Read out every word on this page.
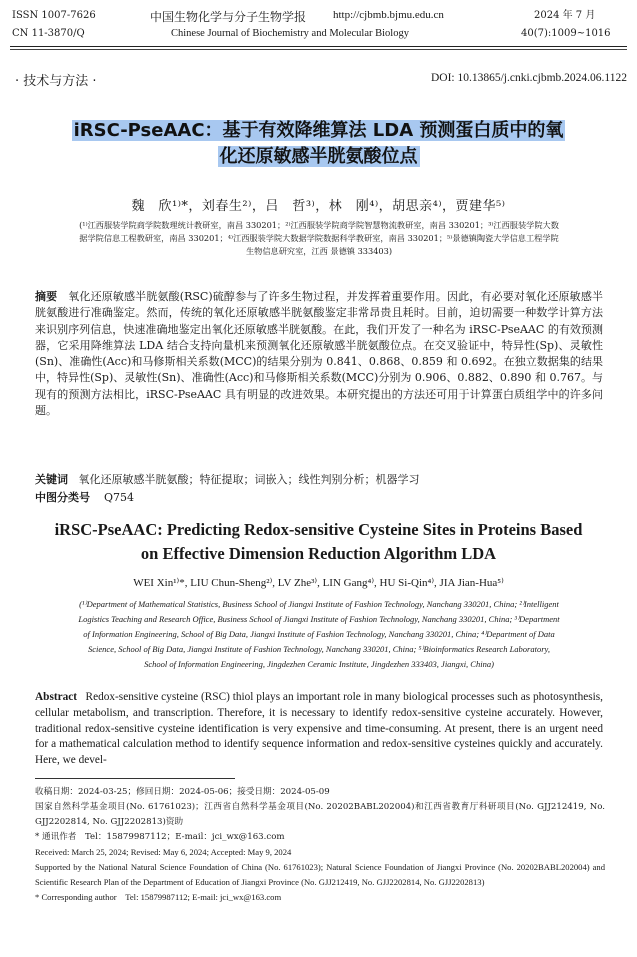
ISSN 1007-7626
CN 11-3870/Q
中国生物化学与分子生物学报 http://cjbmb.bjmu.edu.cn
Chinese Journal of Biochemistry and Molecular Biology
2024 年 7 月
40(7):1009~1016
· 技术与方法 ·	DOI: 10.13865/j.cnki.cjbmb.2024.06.1122
iRSC-PseAAC：基于有效降维算法 LDA 预测蛋白质中的氧
化还原敏感半胱氨酸位点
魏　欣¹⁾*，刘春生²⁾，吕　哲³⁾，林　刚⁴⁾，胡思亲⁴⁾，贾建华⁵⁾
(¹⁾江西服装学院商学院数理统计教研室，南昌 330201；²⁾江西服装学院商学院智慧物流教研室，南昌 330201；³⁾江西服装学院大数
据学院信息工程教研室，南昌 330201；⁴⁾江西服装学院大数据学院数据科学教研室，南昌 330201；⁵⁾景德镇陶瓷大学信息工程学院
生物信息研究室，江西 景德镇 333403)
摘要 氧化还原敏感半胱氨酸(RSC)硫醇参与了许多生物过程，并发挥着重要作用。因此，有必要对氧化还原敏感半胱氨酸进行准确鉴定。然而，传统的氧化还原敏感半胱氨酸鉴定非常昂贵且耗时。目前，迫切需要一种数学计算方法来识别序列信息，快速准确地鉴定出氧化还原敏感半胱氨酸。在此，我们开发了一种名为 iRSC-PseAAC 的有效预测器，它采用降维算法 LDA 结合支持向量机来预测氧化还原敏感半胱氨酸位点。在交叉验证中，特异性(Sp)、灵敏性(Sn)、准确性(Acc)和马修斯相关系数(MCC)的结果分别为 0.841、0.868、0.859 和 0.692。在独立数据集的结果中，特异性(Sp)、灵敏性(Sn)、准确性(Acc)和马修斯相关系数(MCC)分别为 0.906、0.882、0.890 和 0.767。与现有的预测方法相比，iRSC-PseAAC 具有明显的改进效果。本研究提出的方法还可用于计算蛋白质组学中的许多问题。
关键词 氧化还原敏感半胱氨酸；特征提取；词嵌入；线性判别分析；机器学习
中图分类号 Q754
iRSC-PseAAC: Predicting Redox-sensitive Cysteine Sites in Proteins Based
on Effective Dimension Reduction Algorithm LDA
WEI Xin¹⁾*, LIU Chun-Sheng²⁾, LV Zhe³⁾, LIN Gang⁴⁾, HU Si-Qin⁴⁾, JIA Jian-Hua⁵⁾
(¹⁾Department of Mathematical Statistics, Business School of Jiangxi Institute of Fashion Technology, Nanchang 330201, China; ²⁾Intelligent
Logistics Teaching and Research Office, Business School of Jiangxi Institute of Fashion Technology, Nanchang 330201, China; ³⁾Department
of Information Engineering, School of Big Data, Jiangxi Institute of Fashion Technology, Nanchang 330201, China; ⁴⁾Department of Data
Science, School of Big Data, Jiangxi Institute of Fashion Technology, Nanchang 330201, China; ⁵⁾Bioinformatics Research Laboratory,
School of Information Engineering, Jingdezhen Ceramic Institute, Jingdezhen 333403, Jiangxi, China)
Abstract Redox-sensitive cysteine (RSC) thiol plays an important role in many biological processes such as photosynthesis, cellular metabolism, and transcription. Therefore, it is necessary to identify redox-sensitive cysteine accurately. However, traditional redox-sensitive cysteine identification is very expensive and time-consuming. At present, there is an urgent need for a mathematical calculation method to identify sequence information and redox-sensitive cysteines quickly and accurately. Here, we devel-
收稿日期：2024-03-25；修回日期：2024-05-06；接受日期：2024-05-09
国家自然科学基金项目(No. 61761023)；江西省自然科学基金项目(No. 20202BABL202004)和江西省教育厅科研项目(No. GJJ212419, No. GJJ2202814, No. GJJ2202813)资助
* 通讯作者　Tel：15879987112；E-mail：jci_wx@163.com
Received: March 25, 2024; Revised: May 6, 2024; Accepted: May 9, 2024
Supported by the National Natural Science Foundation of China (No. 61761023); Natural Science Foundation of Jiangxi Province (No. 20202BABL202004) and Scientific Research Plan of the Department of Education of Jiangxi Province (No. GJJ212419, No. GJJ2202814, No. GJJ2202813)
* Corresponding author　Tel: 15879987112; E-mail: jci_wx@163.com
